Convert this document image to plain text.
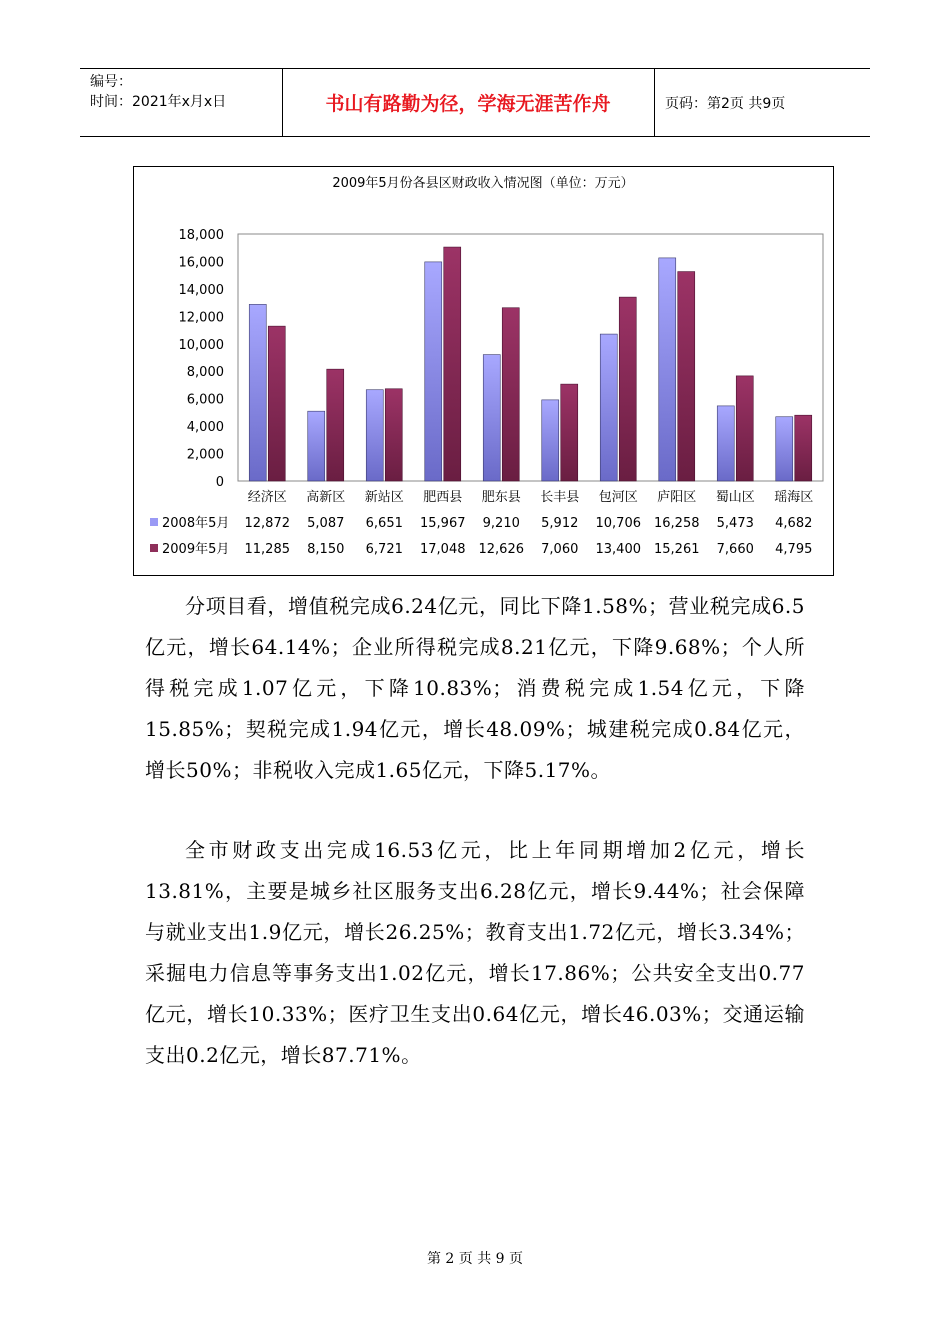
编号：
时间：2021年x月x日	书山有路勤为径，学海无涯苦作舟	页码：第2页 共9页
2009年5月份各县区财政收入情况图（单位：万元）
0
2,000
4,000
6,000
8,000
10,000
12,000
14,000
16,000
18,000
经济区 高新区 新站区 肥西县 肥东县 长丰县 包河区 庐阳区 蜀山区 瑶海区
2008年5月 12,872 5,087 6,651 15,967 9,210 5,912 10,706 16,258 5,473 4,682
2009年5月 11,285 8,150 6,721 17,048 12,626 7,060 13,400 15,261 7,660 4,795

分项目看，增值税完成6.24亿元，同比下降1.58%；营业税完成6.5亿元，增长64.14%；企业所得税完成8.21亿元，下降9.68%；个人所得税完成1.07亿元，下降10.83%；消费税完成1.54亿元，下降15.85%；契税完成1.94亿元，增长48.09%；城建税完成0.84亿元，增长50%；非税收入完成1.65亿元，下降5.17%。

全市财政支出完成16.53亿元，比上年同期增加2亿元，增长13.81%，主要是城乡社区服务支出6.28亿元，增长9.44%；社会保障与就业支出1.9亿元，增长26.25%；教育支出1.72亿元，增长3.34%；采掘电力信息等事务支出1.02亿元，增长17.86%；公共安全支出0.77亿元，增长10.33%；医疗卫生支出0.64亿元，增长46.03%；交通运输支出0.2亿元，增长87.71%。

第 2 页 共 9 页
